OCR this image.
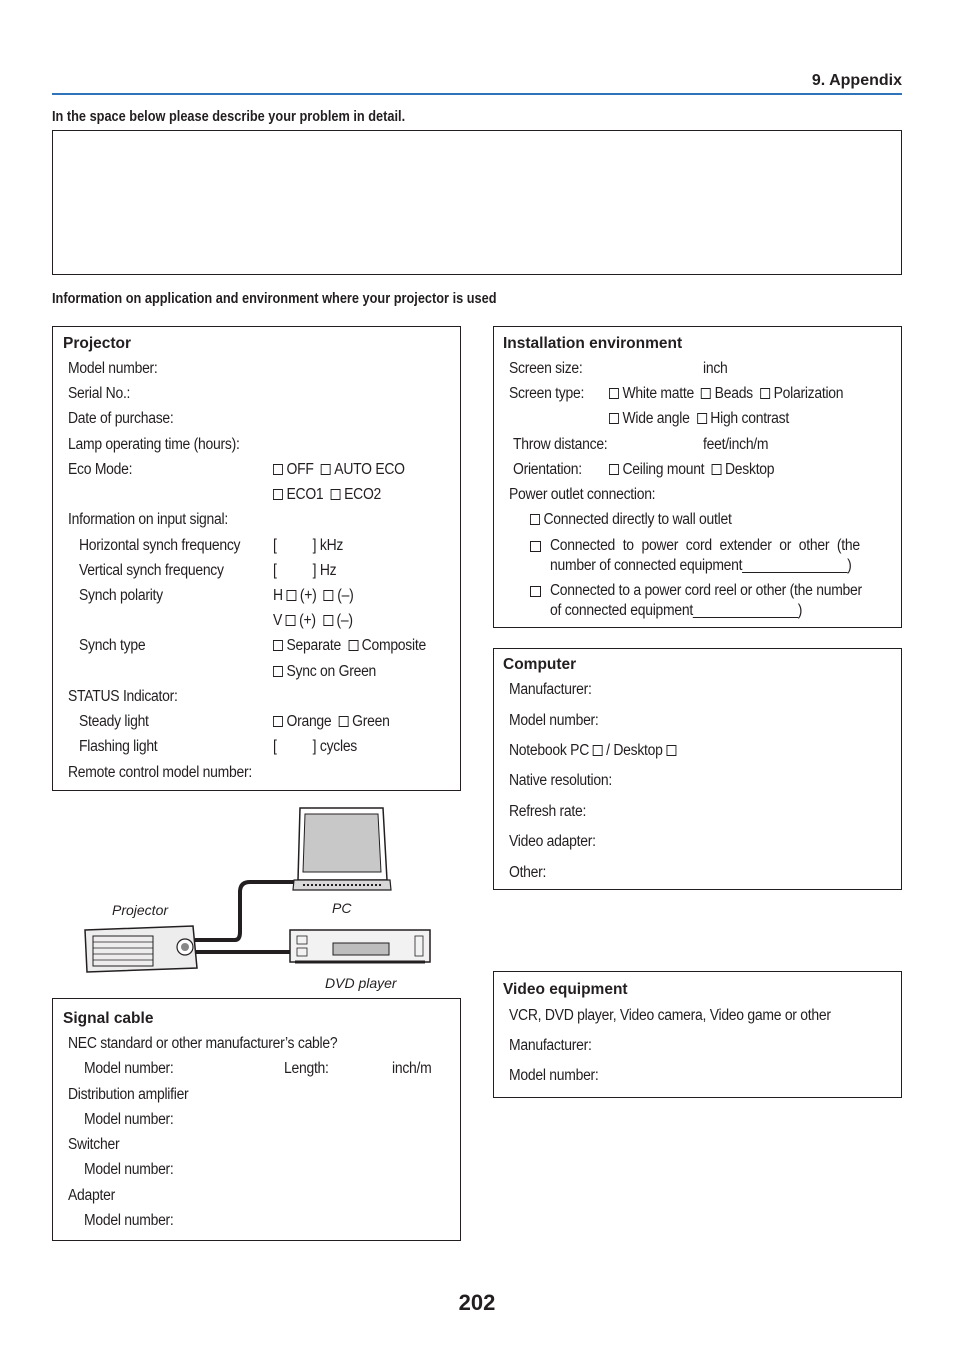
9. Appendix
In the space below please describe your problem in detail.
Information on application and environment where your projector is used
Projector
Model number:
Serial No.:
Date of purchase:
Lamp operating time (hours):
Eco Mode:	OFF AUTO ECO
ECO1 ECO2
Information on input signal:
Horizontal synch frequency [          ] kHz
Vertical synch frequency	[          ] Hz
Synch polarity	H (+) (–)
V (+) (–)
Synch type	Separate Composite
Sync on Green
STATUS Indicator:
Steady light	Orange Green
Flashing light	[          ] cycles
Remote control model number:
Installation environment
Screen size:	inch
Screen type:	White matte Beads Polarization
Wide angle High contrast
Throw distance:	feet/inch/m
Orientation:	Ceiling mount Desktop
Power outlet connection:
Connected directly to wall outlet
Connected to power cord extender or other (the
number of connected equipment______________)
Connected to a power cord reel or other (the number
of connected equipment______________)
Computer
Manufacturer:
Model number:
Notebook PC / Desktop
Native resolution:
Refresh rate:
Video adapter:
Other:
Projector	PC
DVD player
Signal cable
NEC standard or other manufacturer’s cable?
Model number:	Length:	inch/m
Distribution amplifier
Model number:
Switcher
Model number:
Adapter
Model number:
Video equipment
VCR, DVD player, Video camera, Video game or other
Manufacturer:
Model number:
202
